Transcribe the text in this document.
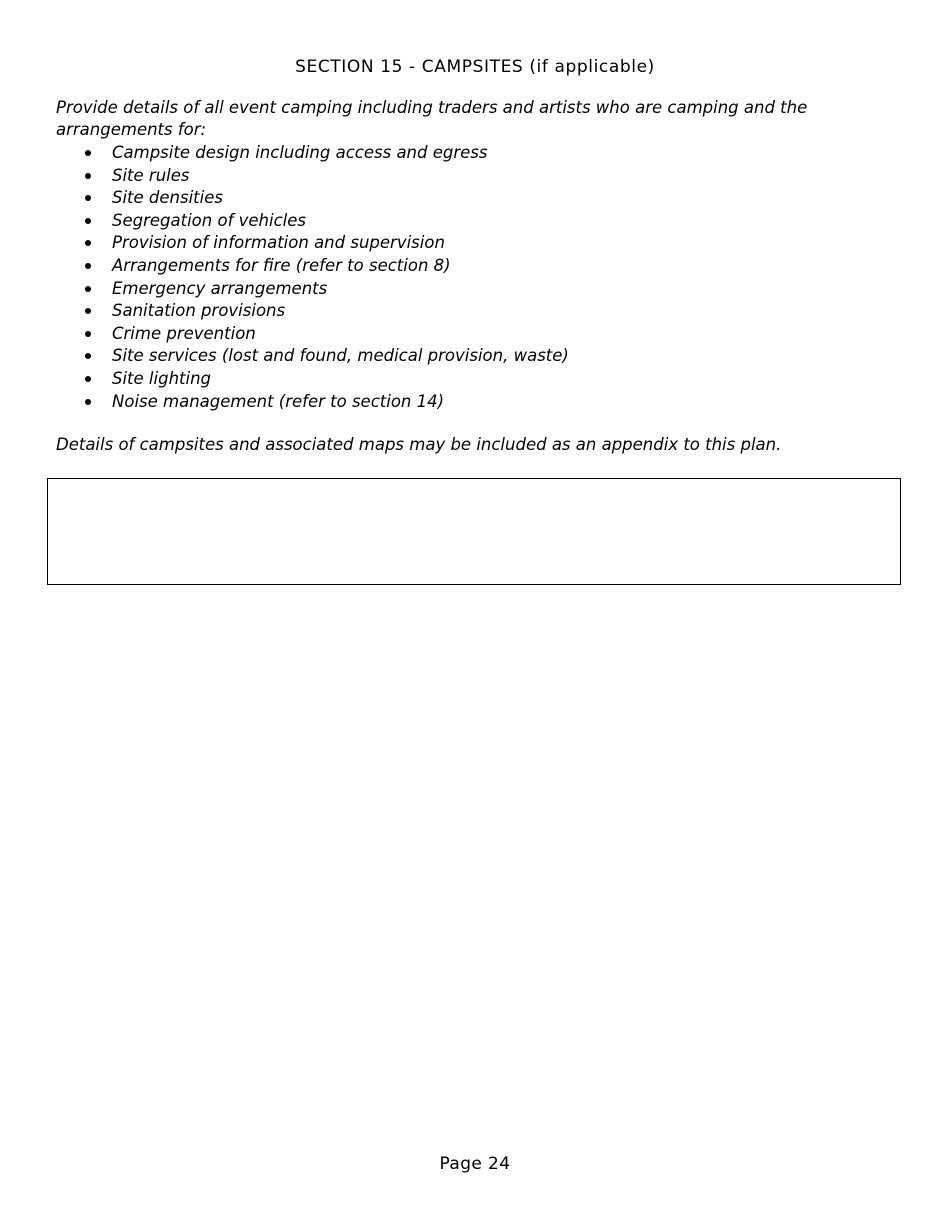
SECTION 15 - CAMPSITES (if applicable)

Provide details of all event camping including traders and artists who are camping and the arrangements for:

Campsite design including access and egress
Site rules
Site densities
Segregation of vehicles
Provision of information and supervision
Arrangements for fire (refer to section 8)
Emergency arrangements
Sanitation provisions
Crime prevention
Site services (lost and found, medical provision, waste)
Site lighting
Noise management (refer to section 14)

Details of campsites and associated maps may be included as an appendix to this plan.

Page 24
